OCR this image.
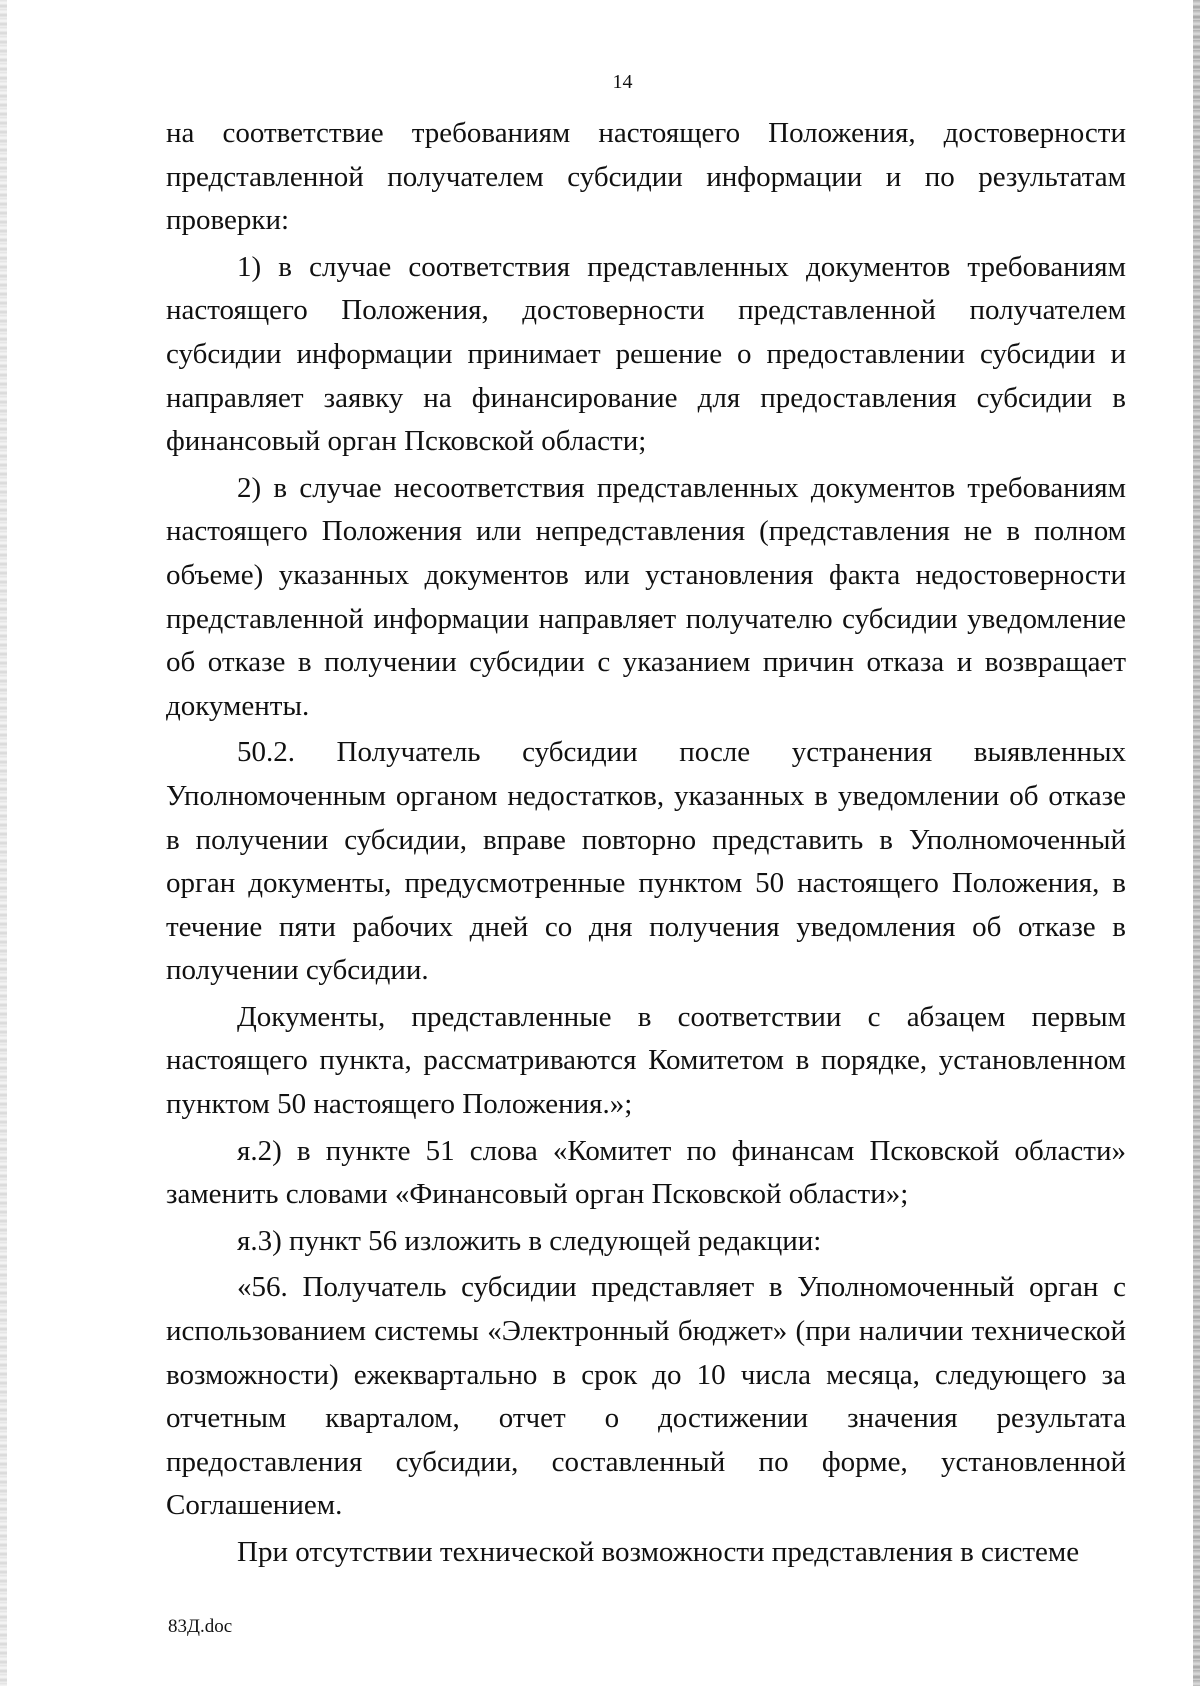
14

на соответствие требованиям настоящего Положения, достоверности представленной получателем субсидии информации и по результатам проверки:

1) в случае соответствия представленных документов требованиям настоящего Положения, достоверности представленной получателем субсидии информации принимает решение о предоставлении субсидии и направляет заявку на финансирование для предоставления субсидии в финансовый орган Псковской области;

2) в случае несоответствия представленных документов требованиям настоящего Положения или непредставления (представления не в полном объеме) указанных документов или установления факта недостоверности представленной информации направляет получателю субсидии уведомление об отказе в получении субсидии с указанием причин отказа и возвращает документы.

50.2. Получатель субсидии после устранения выявленных Уполномоченным органом недостатков, указанных в уведомлении об отказе в получении субсидии, вправе повторно представить в Уполномоченный орган документы, предусмотренные пунктом 50 настоящего Положения, в течение пяти рабочих дней со дня получения уведомления об отказе в получении субсидии.

Документы, представленные в соответствии с абзацем первым настоящего пункта, рассматриваются Комитетом в порядке, установленном пунктом 50 настоящего Положения.»;

я.2) в пункте 51 слова «Комитет по финансам Псковской области» заменить словами «Финансовый орган Псковской области»;

я.3) пункт 56 изложить в следующей редакции:

«56. Получатель субсидии представляет в Уполномоченный орган с использованием системы «Электронный бюджет» (при наличии технической возможности) ежеквартально в срок до 10 числа месяца, следующего за отчетным кварталом, отчет о достижении значения результата предоставления субсидии, составленный по форме, установленной Соглашением.

При отсутствии технической возможности представления в системе

83Д.doc
